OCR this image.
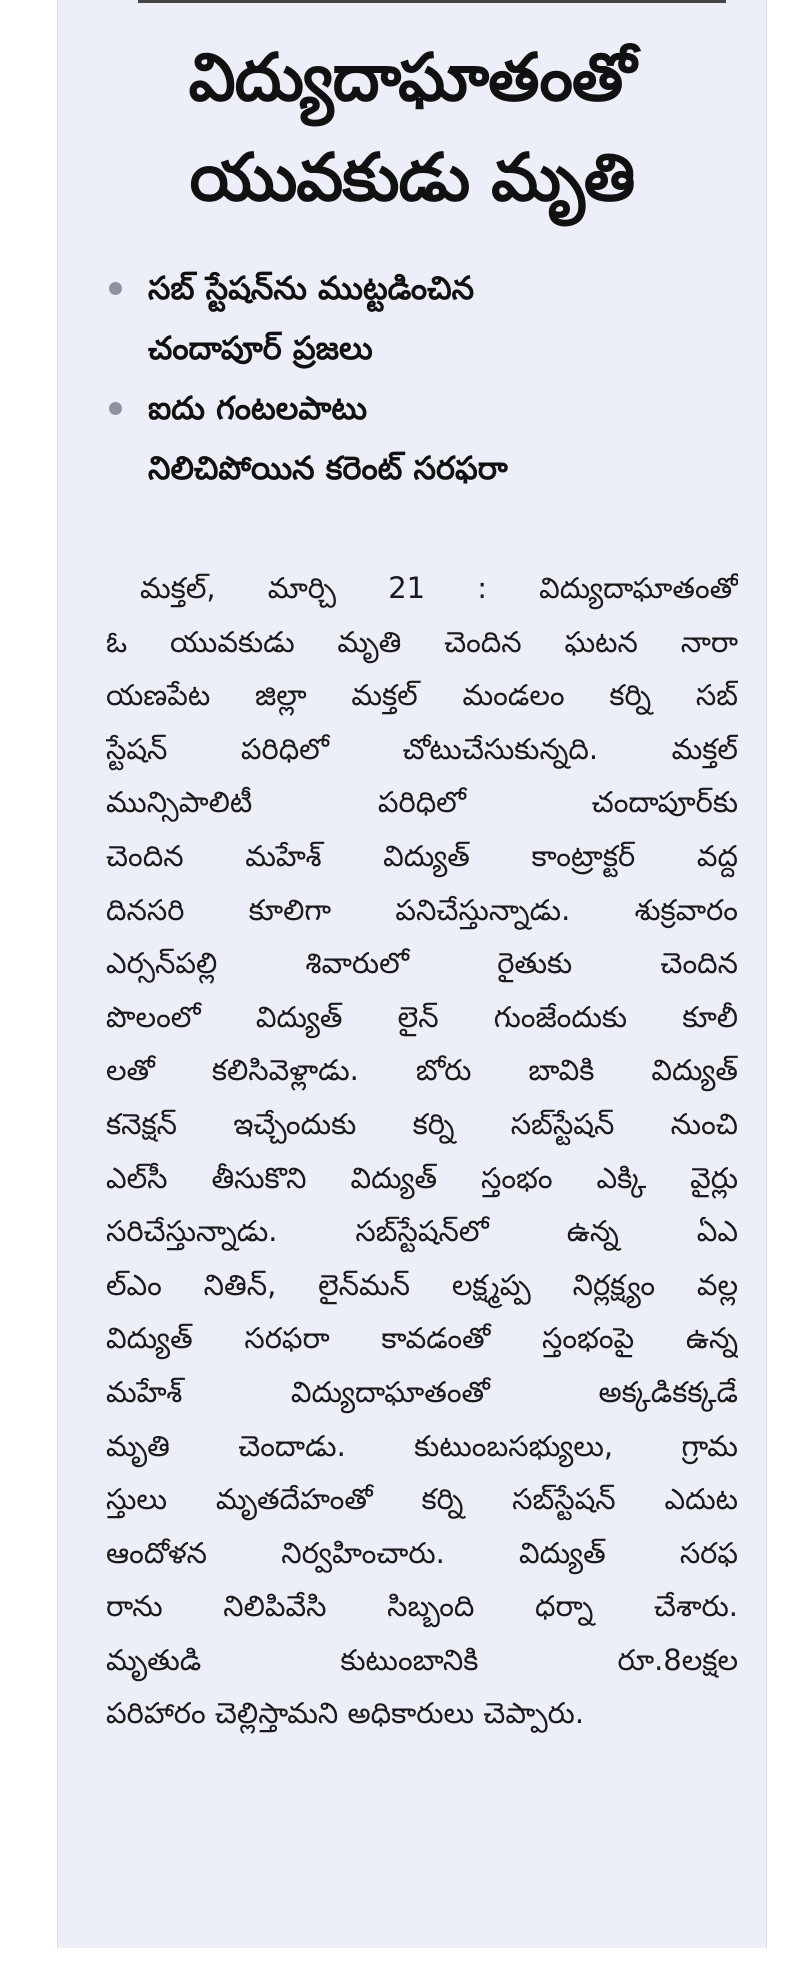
విద్యుదాఘాతంతో
యువకుడు మృతి
సబ్‌ స్టేషన్‌ను ముట్టడించిన
చందాపూర్‌ ప్రజలు
ఐదు గంటలపాటు
నిలిచిపోయిన కరెంట్‌ సరఫరా
మక్తల్‌, మార్చి 21 : విద్యుదాఘాతంతో
ఓ యువకుడు మృతి చెందిన ఘటన నారా
యణపేట జిల్లా మక్తల్‌ మండలం కర్ని సబ్‌
స్టేషన్‌ పరిధిలో చోటుచేసుకున్నది. మక్తల్‌
మున్సిపాలిటీ పరిధిలో చందాపూర్‌కు
చెందిన మహేశ్‌ విద్యుత్‌ కాంట్రాక్టర్‌ వద్ద
దినసరి కూలిగా పనిచేస్తున్నాడు. శుక్రవారం
ఎర్సన్‌పల్లి శివారులో రైతుకు చెందిన
పొలంలో విద్యుత్‌ లైన్‌ గుంజేందుకు కూలీ
లతో కలిసివెళ్లాడు. బోరు బావికి విద్యుత్‌
కనెక్షన్‌ ఇచ్చేందుకు కర్ని సబ్‌స్టేషన్‌ నుంచి
ఎల్‌సీ తీసుకొని విద్యుత్‌ స్తంభం ఎక్కి వైర్లు
సరిచేస్తున్నాడు. సబ్‌స్టేషన్‌లో ఉన్న ఏఎ
ల్‌ఎం నితిన్‌, లైన్‌మన్‌ లక్ష్మప్ప నిర్లక్ష్యం వల్ల
విద్యుత్‌ సరఫరా కావడంతో స్తంభంపై ఉన్న
మహేశ్‌ విద్యుదాఘాతంతో అక్కడికక్కడే
మృతి చెందాడు. కుటుంబసభ్యులు, గ్రామ
స్తులు మృతదేహంతో కర్ని సబ్‌స్టేషన్‌ ఎదుట
ఆందోళన నిర్వహించారు. విద్యుత్‌ సరఫ
రాను నిలిపివేసి సిబ్బంది ధర్నా చేశారు.
మృతుడి కుటుంబానికి రూ.8లక్షల
పరిహారం చెల్లిస్తామని అధికారులు చెప్పారు.
